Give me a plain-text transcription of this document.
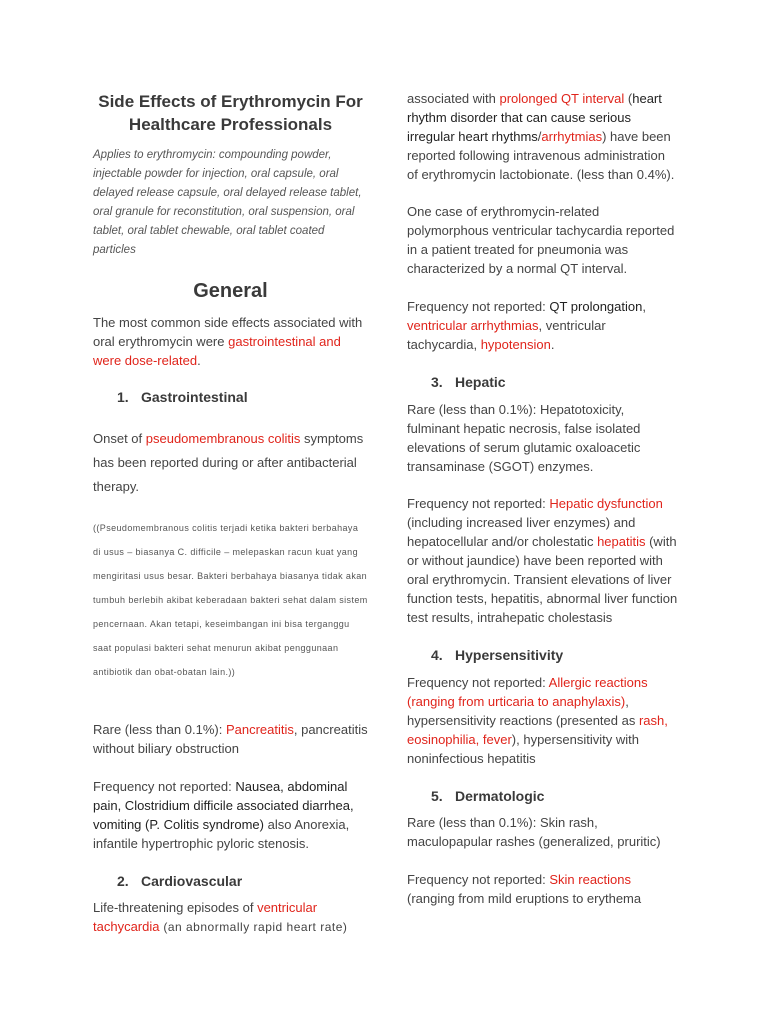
Side Effects of Erythromycin For Healthcare Professionals

Applies to erythromycin: compounding powder, injectable powder for injection, oral capsule, oral delayed release capsule, oral delayed release tablet, oral granule for reconstitution, oral suspension, oral tablet, oral tablet chewable, oral tablet coated particles

General

The most common side effects associated with oral erythromycin were gastrointestinal and were dose-related.

1. Gastrointestinal

Onset of pseudomembranous colitis symptoms has been reported during or after antibacterial therapy.

((Pseudomembranous colitis terjadi ketika bakteri berbahaya di usus – biasanya C. difficile – melepaskan racun kuat yang mengiritasi usus besar. Bakteri berbahaya biasanya tidak akan tumbuh berlebih akibat keberadaan bakteri sehat dalam sistem pencernaan. Akan tetapi, keseimbangan ini bisa terganggu saat populasi bakteri sehat menurun akibat penggunaan antibiotik dan obat-obatan lain.))

Rare (less than 0.1%): Pancreatitis, pancreatitis without biliary obstruction

Frequency not reported: Nausea, abdominal pain, Clostridium difficile associated diarrhea, vomiting (P. Colitis syndrome) also Anorexia, infantile hypertrophic pyloric stenosis.

2. Cardiovascular

Life-threatening episodes of ventricular tachycardia (an abnormally rapid heart rate)

associated with prolonged QT interval (heart rhythm disorder that can cause serious irregular heart rhythms/arrhytmias) have been reported following intravenous administration of erythromycin lactobionate. (less than 0.4%).

One case of erythromycin-related polymorphous ventricular tachycardia reported in a patient treated for pneumonia was characterized by a normal QT interval.

Frequency not reported: QT prolongation, ventricular arrhythmias, ventricular tachycardia, hypotension.

3. Hepatic

Rare (less than 0.1%): Hepatotoxicity, fulminant hepatic necrosis, false isolated elevations of serum glutamic oxaloacetic transaminase (SGOT) enzymes.

Frequency not reported: Hepatic dysfunction (including increased liver enzymes) and hepatocellular and/or cholestatic hepatitis (with or without jaundice) have been reported with oral erythromycin. Transient elevations of liver function tests, hepatitis, abnormal liver function test results, intrahepatic cholestasis

4. Hypersensitivity

Frequency not reported: Allergic reactions (ranging from urticaria to anaphylaxis), hypersensitivity reactions (presented as rash, eosinophilia, fever), hypersensitivity with noninfectious hepatitis

5. Dermatologic

Rare (less than 0.1%): Skin rash, maculopapular rashes (generalized, pruritic)

Frequency not reported: Skin reactions (ranging from mild eruptions to erythema
